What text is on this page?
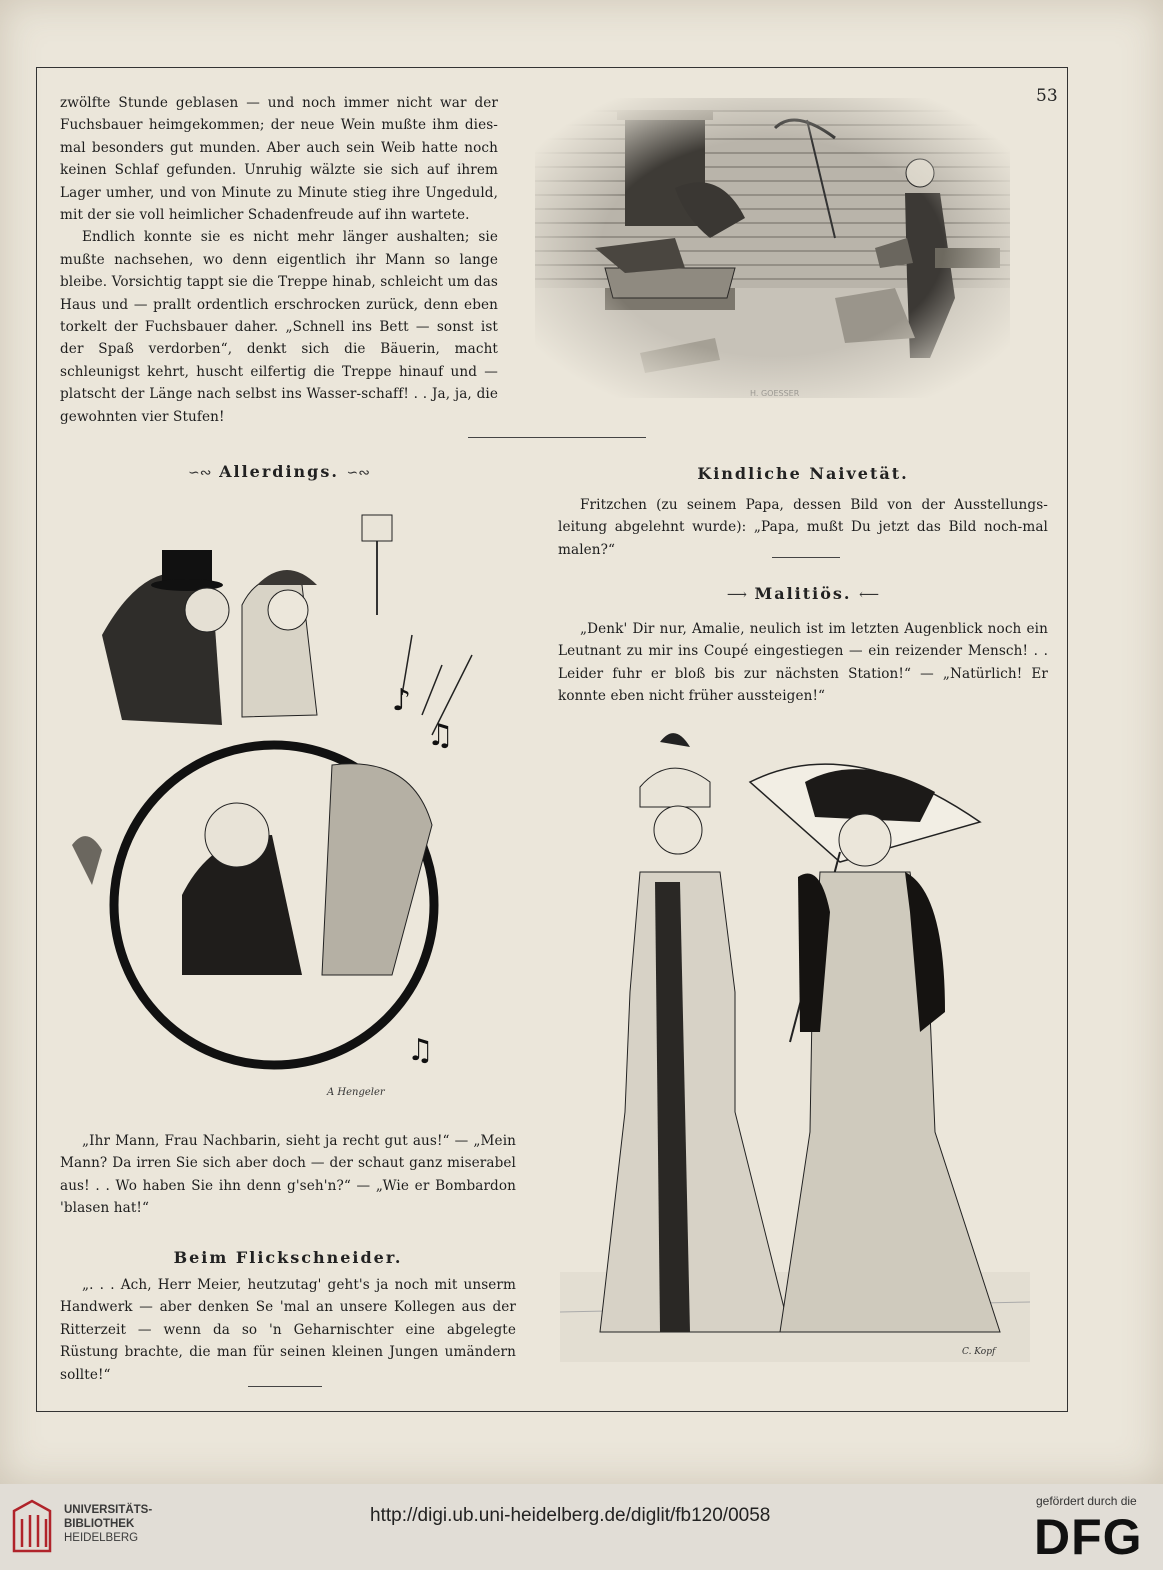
53

zwölfte Stunde geblasen — und noch immer nicht war der Fuchsbauer heimgekommen; der neue Wein mußte ihm dies-mal besonders gut munden. Aber auch sein Weib hatte noch keinen Schlaf gefunden. Unruhig wälzte sie sich auf ihrem Lager umher, und von Minute zu Minute stieg ihre Ungeduld, mit der sie voll heimlicher Schadenfreude auf ihn wartete.

Endlich konnte sie es nicht mehr länger aushalten; sie mußte nachsehen, wo denn eigentlich ihr Mann so lange bleibe. Vorsichtig tappt sie die Treppe hinab, schleicht um das Haus und — prallt ordentlich erschrocken zurück, denn eben torkelt der Fuchsbauer daher. „Schnell ins Bett — sonst ist der Spaß verdorben“, denkt sich die Bäuerin, macht schleunigst kehrt, huscht eilfertig die Treppe hinauf und — platscht der Länge nach selbst ins Wasser-schaff! . . Ja, ja, die gewohnten vier Stufen!

∽∾ Allerdings. ∽∾
♪
♫
♫
A Hengeler

„Ihr Mann, Frau Nachbarin, sieht ja recht gut aus!“ — „Mein Mann? Da irren Sie sich aber doch — der schaut ganz miserabel aus! . . Wo haben Sie ihn denn g'seh'n?“ — „Wie er Bombardon 'blasen hat!“

Beim Flickschneider.

„. . . Ach, Herr Meier, heutzutag' geht's ja noch mit unserm Handwerk — aber denken Se 'mal an unsere Kollegen aus der Ritterzeit — wenn da so 'n Geharnischter eine abgelegte Rüstung brachte, die man für seinen kleinen Jungen umändern sollte!“

Kindliche Naivetät.

Fritzchen (zu seinem Papa, dessen Bild von der Ausstellungs-leitung abgelehnt wurde): „Papa, mußt Du jetzt das Bild noch-mal malen?“

⟶ Malitiös. ⟵

„Denk' Dir nur, Amalie, neulich ist im letzten Augenblick noch ein Leutnant zu mir ins Coupé eingestiegen — ein reizender Mensch! . . Leider fuhr er bloß bis zur nächsten Station!“ — „Natürlich! Er konnte eben nicht früher aussteigen!“

C. Kopf
UNIVERSITÄTS-
BIBLIOTHEK
HEIDELBERG
http://digi.ub.uni-heidelberg.de/diglit/fb120/0058
gefördert durch die
DFG
